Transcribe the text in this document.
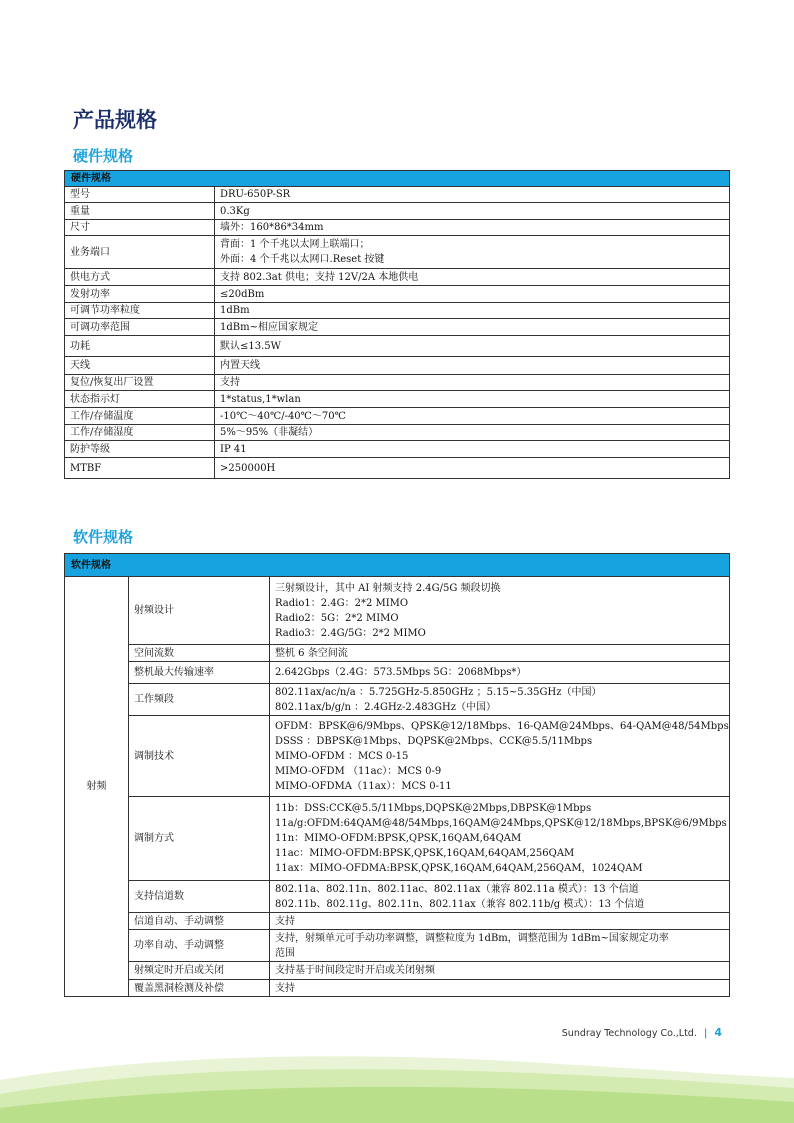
产品规格
硬件规格
硬件规格	
型号	DRU-650P-SR

重量	0.3Kg

尺寸	墙外：160*86*34mm

业务端口	背面：1 个千兆以太网上联端口；
外面：4 个千兆以太网口.Reset 按键

供电方式	支持 802.3at 供电；支持 12V/2A 本地供电

发射功率	≤20dBm

可调节功率粒度	1dBm

可调功率范围	1dBm~相应国家规定

功耗	默认≤13.5W

天线	内置天线

复位/恢复出厂设置	支持

状态指示灯	1*status,1*wlan

工作/存储温度	-10℃～40℃/-40℃～70℃

工作/存储湿度	5%～95%（非凝结）

防护等级	IP 41

MTBF	>250000H
软件规格
软件规格		
射频	射频设计	三射频设计，其中 AI 射频支持 2.4G/5G 频段切换
Radio1：2.4G：2*2 MIMO
Radio2：5G：2*2 MIMO
Radio3：2.4G/5G：2*2 MIMO

	空间流数	整机 6 条空间流

	整机最大传输速率	2.642Gbps（2.4G：573.5Mbps 5G：2068Mbps*）

	工作频段	802.11ax/ac/n/a ：5.725GHz-5.850GHz ；5.15~5.35GHz（中国）
802.11ax/b/g/n ：2.4GHz-2.483GHz（中国）

	调制技术	OFDM：BPSK@6/9Mbps、QPSK@12/18Mbps、16-QAM@24Mbps、64-QAM@48/54Mbps
DSSS ：DBPSK@1Mbps、DQPSK@2Mbps、CCK@5.5/11Mbps
MIMO-OFDM ：MCS 0-15
MIMO-OFDM （11ac）：MCS 0-9
MIMO-OFDMA（11ax）：MCS 0-11

	调制方式	11b：DSS:CCK@5.5/11Mbps,DQPSK@2Mbps,DBPSK@1Mbps
11a/g:OFDM:64QAM@48/54Mbps,16QAM@24Mbps,QPSK@12/18Mbps,BPSK@6/9Mbps
11n：MIMO-OFDM:BPSK,QPSK,16QAM,64QAM
11ac：MIMO-OFDM:BPSK,QPSK,16QAM,64QAM,256QAM
11ax：MIMO-OFDMA:BPSK,QPSK,16QAM,64QAM,256QAM，1024QAM

	支持信道数	802.11a、802.11n、802.11ac、802.11ax（兼容 802.11a 模式）：13 个信道
802.11b、802.11g、802.11n、802.11ax（兼容 802.11b/g 模式）：13 个信道

	信道自动、手动调整	支持

	功率自动、手动调整	支持，射频单元可手动功率调整，调整粒度为 1dBm，调整范围为 1dBm~国家规定功率
范围

	射频定时开启或关闭	支持基于时间段定时开启或关闭射频

	覆盖黑洞检测及补偿	支持
Sundray Technology Co.,Ltd. | 4
